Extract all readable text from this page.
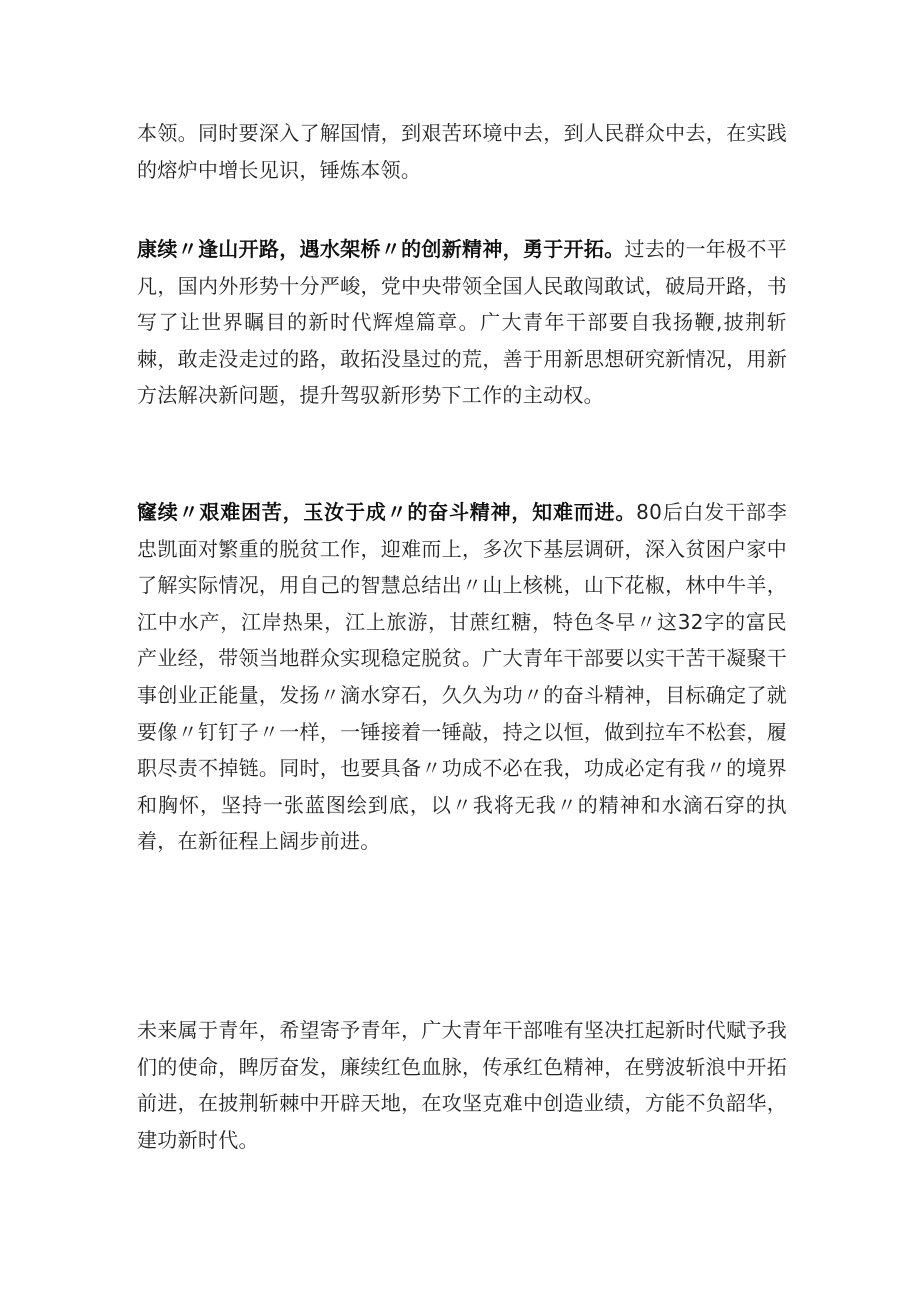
本领。同时要深入了解国情，到艰苦环境中去，到人民群众中去，在实践的熔炉中增长见识，锤炼本领。

康续〃逢山开路，遇水架桥〃的创新精神，勇于开拓。过去的一年极不平凡，国内外形势十分严峻，党中央带领全国人民敢闯敢试，破局开路，书写了让世界瞩目的新时代辉煌篇章。广大青年干部要自我扬鞭,披荆斩棘，敢走没走过的路，敢拓没垦过的荒，善于用新思想研究新情况，用新方法解决新问题，提升驾驭新形势下工作的主动权。

窿续〃艰难困苦，玉汝于成〃的奋斗精神，知难而进。80后白发干部李忠凯面对繁重的脱贫工作，迎难而上，多次下基层调研，深入贫困户家中了解实际情况，用自己的智慧总结出〃山上核桃，山下花椒，林中牛羊，江中水产，江岸热果，江上旅游，甘蔗红糖，特色冬早〃这32字的富民产业经，带领当地群众实现稳定脱贫。广大青年干部要以实干苦干凝聚干事创业正能量，发扬〃滴水穿石，久久为功〃的奋斗精神，目标确定了就要像〃钉钉子〃一样，一锤接着一锤敲，持之以恒，做到拉车不松套，履职尽责不掉链。同时，也要具备〃功成不必在我，功成必定有我〃的境界和胸怀，坚持一张蓝图绘到底，以〃我将无我〃的精神和水滴石穿的执着，在新征程上阔步前进。

未来属于青年，希望寄予青年，广大青年干部唯有坚决扛起新时代赋予我们的使命，睥厉奋发，廉续红色血脉，传承红色精神，在劈波斩浪中开拓前进，在披荆斩棘中开辟天地，在攻坚克难中创造业绩，方能不负韶华，建功新时代。
